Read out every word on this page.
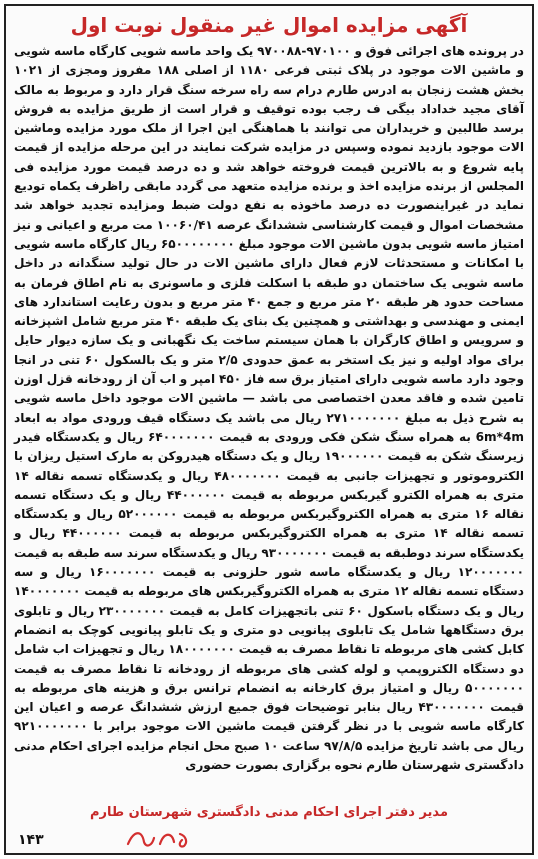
آگهی مزایده اموال غیر منقول نوبت اول
در پرونده های اجرائی فوق و ۹۷۰۱۰۰-۹۷۰۰۸۸ یک واحد ماسه شویی کارگاه ماسه شویی و ماشین الات موجود در پلاک ثبتی فرعی ۱۱۸۰ از اصلی ۱۸۸ مفروز ومجزی از ۱۰۲۱ بخش هشت زنجان به ادرس طارم درام سه راه سرخه سنگ قرار دارد و مربوط به مالک آقای مجید خداداد بیگی ف رجب بوده توقیف و قرار است از طریق مزایده به فروش برسد طالبین و خریداران می توانند با هماهنگی این اجرا از ملک مورد مزایده وماشین الات موجود بازدید نموده وسپس در مزایده شرکت نمایند در این مرحله مزایده از قیمت پایه شروع و به بالاترین قیمت فروخته خواهد شد و ده درصد قیمت مورد مزایده فی المجلس از برنده مزایده اخذ و برنده مزایده متعهد می گردد مابقی راظرف یکماه تودیع نماید در غیراینصورت ده درصد ماخوذه به نفع دولت ضبط ومزایده تجدید خواهد شد مشخصات اموال و قیمت کارشناسی ششدانگ عرصه ۱۰۰۶۰/۴۱ مت مربع و اعیانی و نیز امتیاز ماسه شویی بدون ماشین الات موجود مبلغ ۶۵۰۰۰۰۰۰۰۰ ریال کارگاه ماسه شویی با امکانات و مستحدثات لازم فعال دارای ماشین الات در حال تولید سنگدانه در داخل ماسه شویی یک ساختمان دو طبقه با اسکلت فلزی و ماسونری به نام اطاق فرمان به مساحت حدود هر طبقه ۲۰ متر مربع و جمع ۴۰ متر مربع و بدون رعایت استاندارد های ایمنی و مهندسی و بهداشتی و همچنین یک بنای یک طبقه ۴۰ متر مربع شامل اشپزخانه و سرویس و اطاق کارگران با همان سیستم ساخت یک نگهبانی و یک سازه دیوار حایل برای مواد اولیه و نیز یک استخر به عمق حدودی ۲/۵ متر و یک بالسکول ۶۰ تنی در انجا وجود دارد ماسه شویی دارای امتیاز برق سه فاز ۴۵۰ امپر و اب آن از رودخانه قزل اوزن تامین شده و فاقد معدن اختصاصی می باشد — ماشین الات موجود داخل ماسه شویی به شرح ذیل به مبلغ ۲۷۱۰۰۰۰۰۰۰ ریال می باشد یک دستگاه قیف ورودی مواد به ابعاد 6m*4m به همراه سنگ شکن فکی ورودی به قیمت ۶۴۰۰۰۰۰۰۰ ریال و یکدستگاه فیدر زیرسنگ شکن به قیمت ۱۹۰۰۰۰۰۰ ریال و یک دستگاه هیدروکن به مارک استیل ریزان با الکتروموتور و تجهیزات جانبی به قیمت ۴۸۰۰۰۰۰۰۰ ریال و یکدستگاه تسمه نقاله ۱۴ متری به همراه الکترو گیربکس مربوطه به قیمت ۴۴۰۰۰۰۰۰ ریال و یک دستگاه تسمه نقاله ۱۶ متری به همراه الکتروگیربکس مربوطه به قیمت ۵۲۰۰۰۰۰۰ ریال و یکدستگاه تسمه نقاله ۱۴ متری به همراه الکتروگیربکس مربوطه به قیمت ۴۴۰۰۰۰۰۰ ریال و یکدستگاه سرند دوطبقه به قیمت ۹۳۰۰۰۰۰۰۰ ریال و یکدستگاه سرند سه طبقه به قیمت ۱۲۰۰۰۰۰۰۰ ریال و یکدستگاه ماسه شور حلزونی به قیمت ۱۶۰۰۰۰۰۰۰ ریال و سه دستگاه تسمه نقاله ۱۲ متری به همراه الکتروگیربکس های مربوطه به قیمت ۱۴۰۰۰۰۰۰۰ ریال و یک دستگاه باسکول ۶۰ تنی باتجهیزات کامل به قیمت ۲۳۰۰۰۰۰۰۰ ریال و تابلوی برق دستگاهها شامل یک تابلوی پیانویی دو متری و یک تابلو پیانویی کوچک به انضمام کابل کشی های مربوطه تا نقاط مصرف به قیمت ۱۸۰۰۰۰۰۰۰ ریال و تجهیزات اب شامل دو دستگاه الکتروپمپ و لوله کشی های مربوطه از رودخانه تا نقاط مصرف به قیمت ۵۰۰۰۰۰۰۰ ریال و امتیاز برق کارخانه به انضمام ترانس برق و هزینه های مربوطه به قیمت ۴۳۰۰۰۰۰۰۰ ریال بنابر توضیحات فوق جمیع ارزش ششدانگ عرصه و اعیان این کارگاه ماسه شویی با در نظر گرفتن قیمت ماشین الات موجود برابر با ۹۲۱۰۰۰۰۰۰۰ ریال می باشد تاریخ مزایده ۹۷/۸/۵ ساعت ۱۰ صبح محل انجام مزایده اجرای احکام مدنی دادگستری شهرستان طارم نحوه برگزاری بصورت حضوری
مدیر دفتر اجرای احکام مدنی دادگستری شهرستان طارم
۱۴۳
